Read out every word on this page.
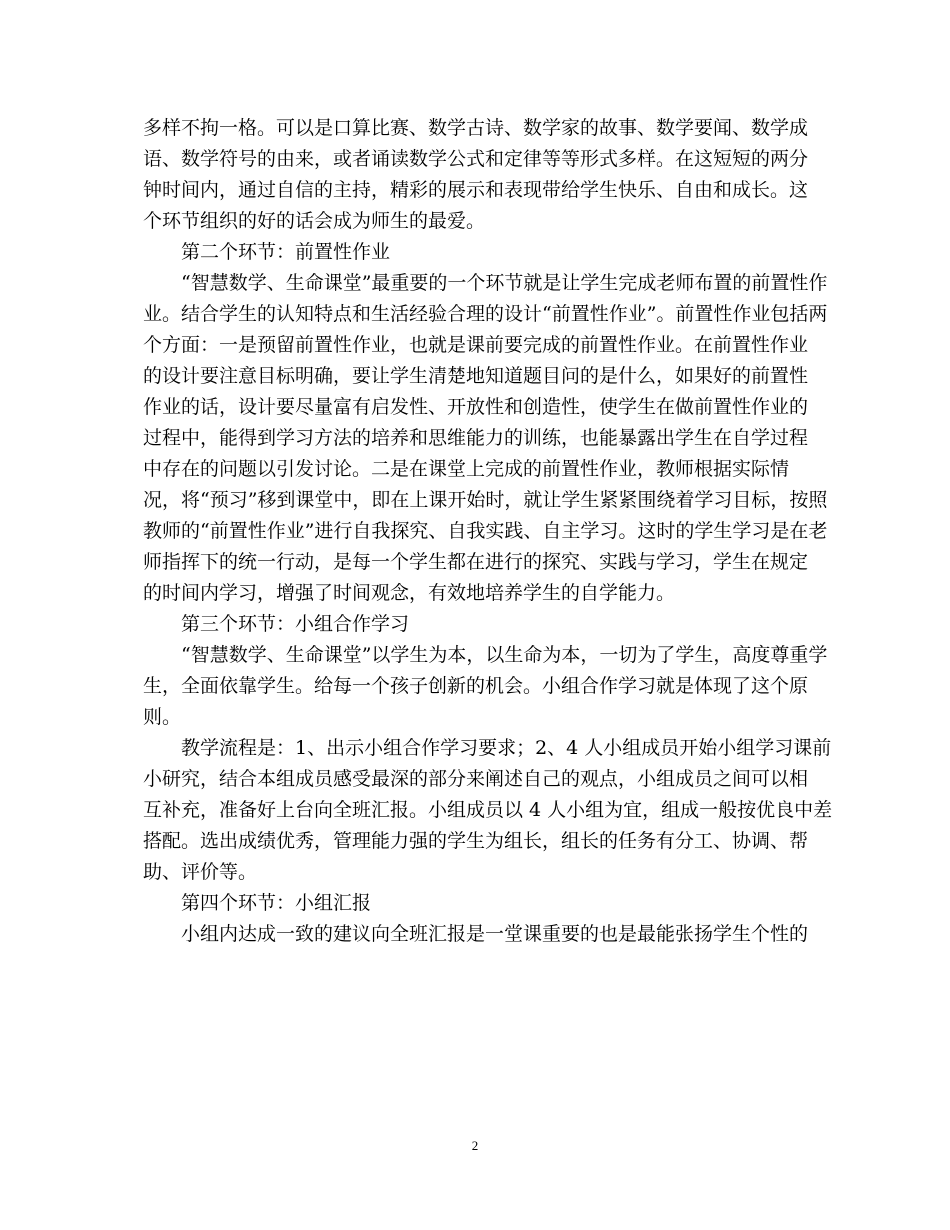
多样不拘一格。可以是口算比赛、数学古诗、数学家的故事、数学要闻、数学成
语、数学符号的由来，或者诵读数学公式和定律等等形式多样。在这短短的两分
钟时间内，通过自信的主持，精彩的展示和表现带给学生快乐、自由和成长。这
个环节组织的好的话会成为师生的最爱。
第二个环节：前置性作业
“智慧数学、生命课堂”最重要的一个环节就是让学生完成老师布置的前置性作
业。结合学生的认知特点和生活经验合理的设计“前置性作业”。前置性作业包括两
个方面：一是预留前置性作业，也就是课前要完成的前置性作业。在前置性作业
的设计要注意目标明确，要让学生清楚地知道题目问的是什么，如果好的前置性
作业的话，设计要尽量富有启发性、开放性和创造性，使学生在做前置性作业的
过程中，能得到学习方法的培养和思维能力的训练，也能暴露出学生在自学过程
中存在的问题以引发讨论。二是在课堂上完成的前置性作业，教师根据实际情
况，将“预习”移到课堂中，即在上课开始时，就让学生紧紧围绕着学习目标，按照
教师的“前置性作业”进行自我探究、自我实践、自主学习。这时的学生学习是在老
师指挥下的统一行动，是每一个学生都在进行的探究、实践与学习，学生在规定
的时间内学习，增强了时间观念，有效地培养学生的自学能力。
第三个环节：小组合作学习
“智慧数学、生命课堂”以学生为本，以生命为本，一切为了学生，高度尊重学
生，全面依靠学生。给每一个孩子创新的机会。小组合作学习就是体现了这个原
则。
教学流程是：1、出示小组合作学习要求；2、4 人小组成员开始小组学习课前
小研究，结合本组成员感受最深的部分来阐述自己的观点，小组成员之间可以相
互补充，准备好上台向全班汇报。小组成员以 4 人小组为宜，组成一般按优良中差
搭配。选出成绩优秀，管理能力强的学生为组长，组长的任务有分工、协调、帮
助、评价等。
第四个环节：小组汇报
小组内达成一致的建议向全班汇报是一堂课重要的也是最能张扬学生个性的
2
